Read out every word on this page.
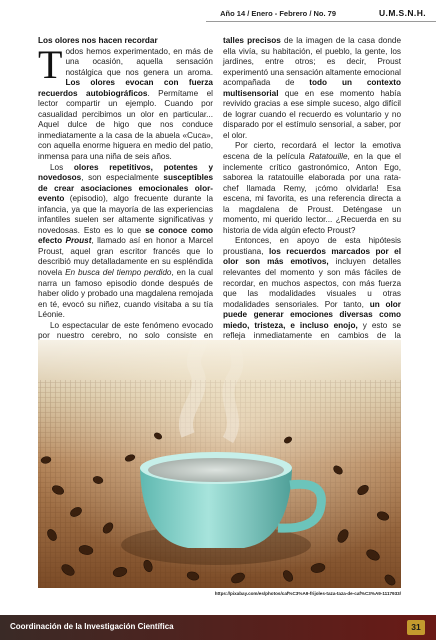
Año 14 / Enero - Febrero / No. 79	U.M.S.N.H.

Los olores nos hacen recordar

Todos hemos experimentado, en más de una ocasión, aquella sensación nostálgica que nos genera un aroma. Los olores evocan con fuerza recuerdos autobiográficos. Permítame el lector compartir un ejemplo. Cuando por casualidad percibimos un olor en particular... Aquel dulce de higo que nos conduce inmediatamente a la casa de la abuela «Cuca», con aquella enorme higuera en medio del patio, inmensa para una niña de seis años.

Los olores repetitivos, potentes y novedosos, son especialmente susceptibles de crear asociaciones emocionales olor-evento (episodio), algo frecuente durante la infancia, ya que la mayoría de las experiencias infantiles suelen ser altamente significativas y novedosas. Esto es lo que se conoce como efecto Proust, llamado así en honor a Marcel Proust, aquel gran escritor francés que lo describió muy detalladamente en su espléndida novela En busca del tiempo perdido, en la cual narra un famoso episodio donde después de haber olido y probado una magdalena remojada en té, evocó su niñez, cuando visitaba a su tía Léonie.

Lo espectacular de este fenómeno evocado por nuestro cerebro, no solo consiste en

talles precisos de la imagen de la casa donde ella vivía, su habitación, el pueblo, la gente, los jardines, entre otros; es decir, Proust experimentó una sensación altamente emocional acompañada de todo un contexto multisensorial que en ese momento había revivido gracias a ese simple suceso, algo difícil de lograr cuando el recuerdo es voluntario y no disparado por el estímulo sensorial, a saber, por el olor.

Por cierto, recordará el lector la emotiva escena de la película Ratatouille, en la que el inclemente crítico gastronómico, Anton Ego, saborea la ratatouille elaborada por una rata-chef llamada Remy, ¡cómo olvidarla! Esa escena, mi favorita, es una referencia directa a la magdalena de Proust. Deténgase un momento, mi querido lector... ¿Recuerda en su historia de vida algún efecto Proust?

Entonces, en apoyo de esta hipótesis proustiana, los recuerdos marcados por el olor son más emotivos, incluyen detalles relevantes del momento y son más fáciles de recordar, en muchos aspectos, con más fuerza que las modalidades visuales u otras modalidades sensoriales. Por tanto, un olor puede generar emociones diversas como miedo, tristeza, e incluso enojo, y esto se refleja inmediatamente en cambios de la

https://pixabay.com/es/photos/caf%C3%A9-frijoles-taza-taza-de-caf%C3%A9-1117933/
Coordinación de la Investigación Científica	31
